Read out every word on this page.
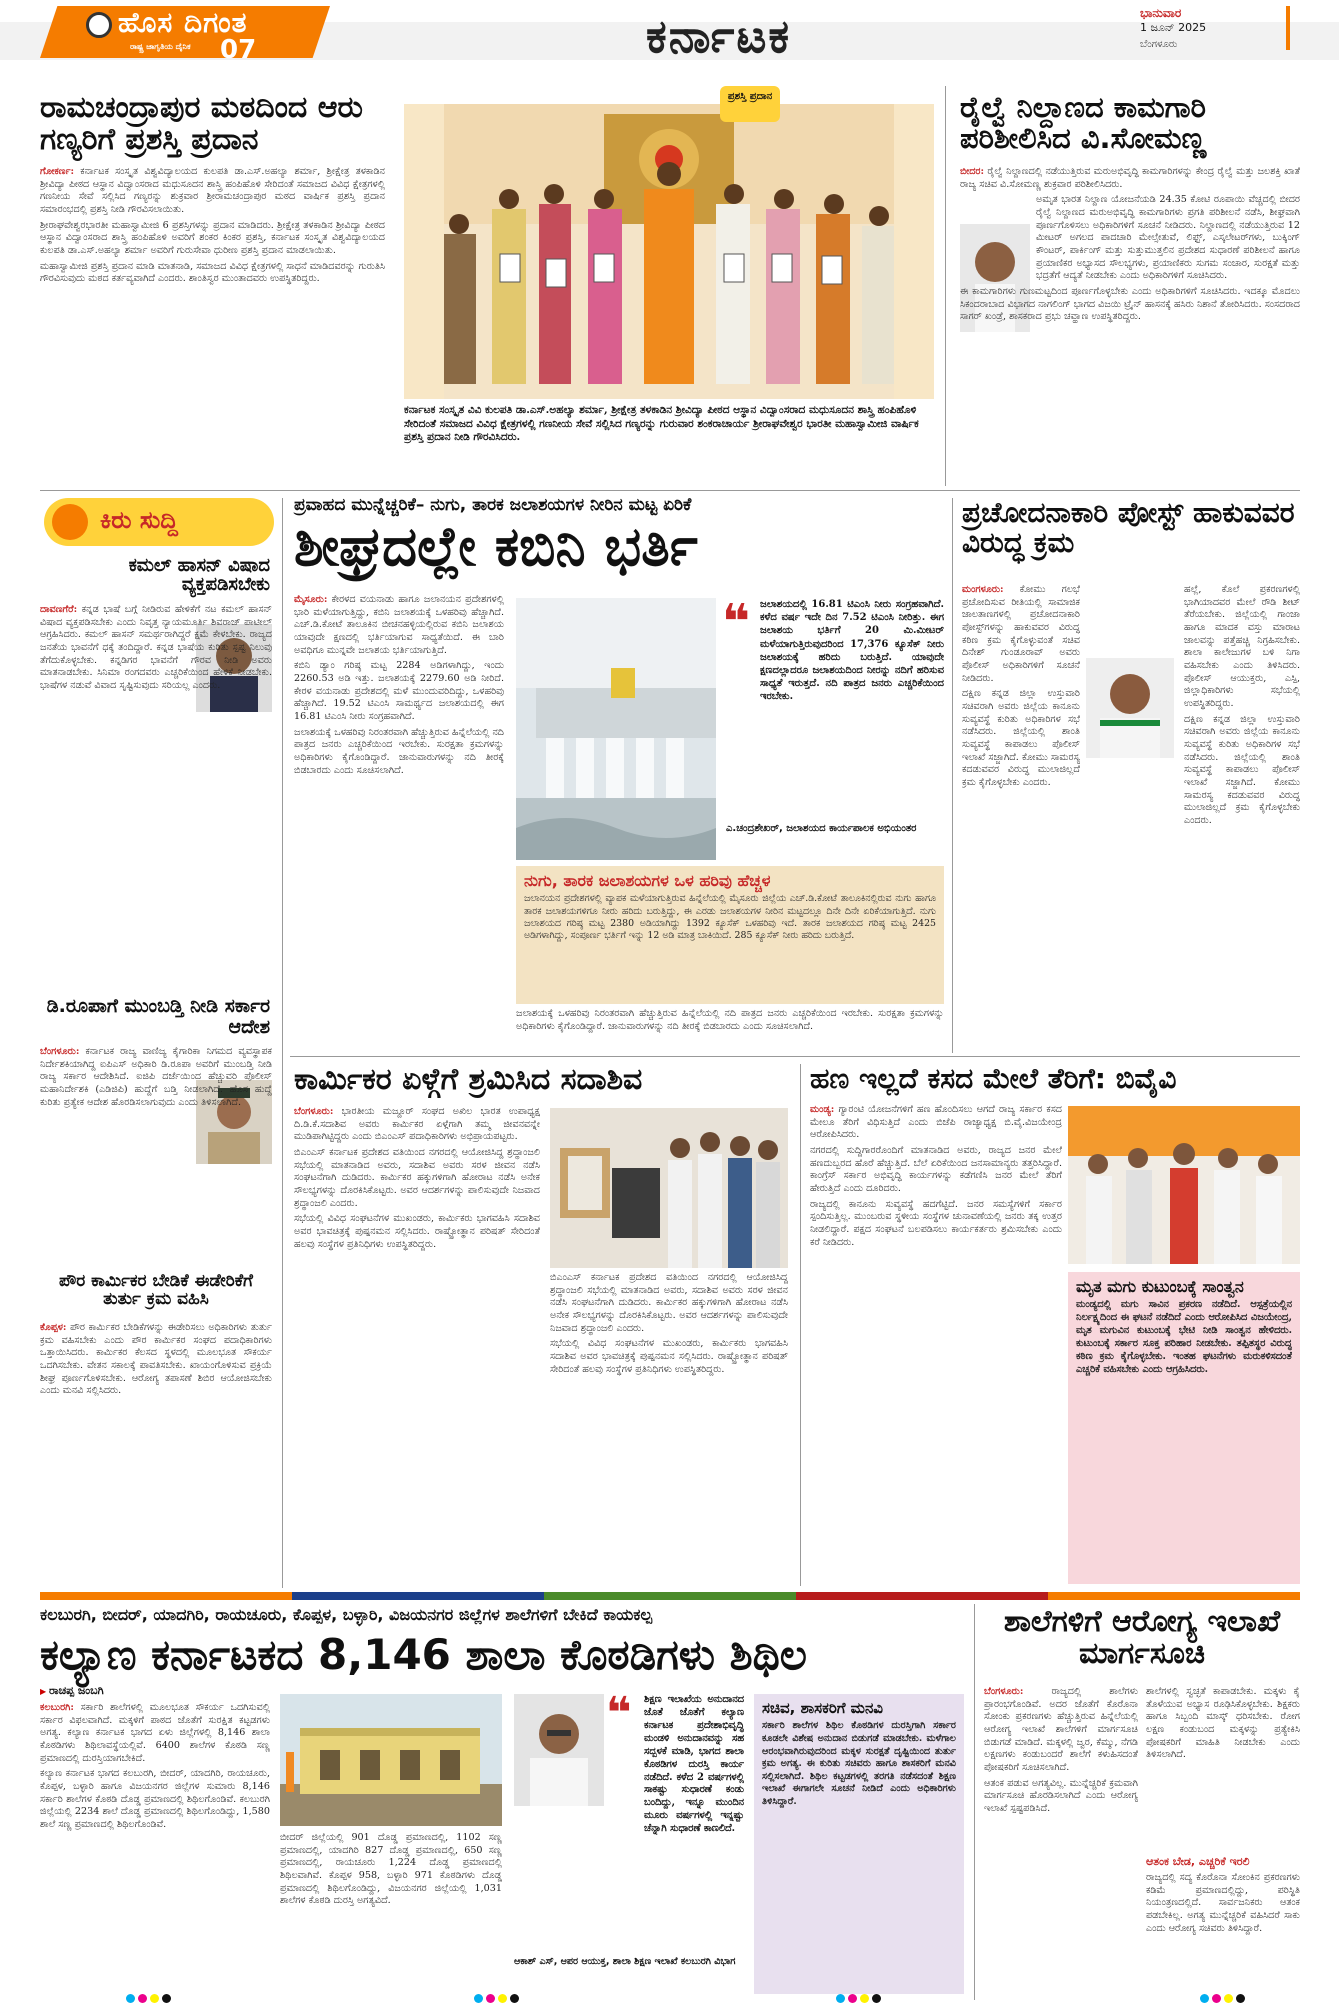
ಹೊಸ ದಿಗಂತ
ರಾಷ್ಟ್ರ ಜಾಗೃತಿಯ ದೈನಿಕ 07	ಕರ್ನಾಟಕ	ಭಾನುವಾರ
1 ಜೂನ್ 2025
ಬೆಂಗಳೂರು
ರಾಮಚಂದ್ರಾಪುರ ಮಠದಿಂದ ಆರು ಗಣ್ಯರಿಗೆ ಪ್ರಶಸ್ತಿ ಪ್ರದಾನ

ಗೋಕರ್ಣ: ಕರ್ನಾಟಕ ಸಂಸ್ಕೃತ ವಿಶ್ವವಿದ್ಯಾಲಯದ ಕುಲಪತಿ ಡಾ.ಎಸ್.ಅಹಲ್ಯಾ ಶರ್ಮಾ, ಶ್ರೀಕ್ಷೇತ್ರ ತಳಕಾಡಿನ ಶ್ರೀವಿದ್ಯಾ ಪೀಠದ ಆಸ್ಥಾನ ವಿದ್ವಾಂಸರಾದ ಮಧುಸೂದನ ಶಾಸ್ತ್ರಿ ಹಂಪಿಹೊಳಿ ಸೇರಿದಂತೆ ಸಮಾಜದ ವಿವಿಧ ಕ್ಷೇತ್ರಗಳಲ್ಲಿ ಗಣನೀಯ ಸೇವೆ ಸಲ್ಲಿಸಿದ ಗಣ್ಯರನ್ನು ಶುಕ್ರವಾರ ಶ್ರೀರಾಮಚಂದ್ರಾಪುರ ಮಠದ ವಾರ್ಷಿಕ ಪ್ರಶಸ್ತಿ ಪ್ರದಾನ ಸಮಾರಂಭದಲ್ಲಿ ಪ್ರಶಸ್ತಿ ನೀಡಿ ಗೌರವಿಸಲಾಯಿತು.

ಶ್ರೀರಾಘವೇಶ್ವರಭಾರತೀ ಮಹಾಸ್ವಾಮೀಜಿ 6 ಪ್ರಶಸ್ತಿಗಳನ್ನು ಪ್ರದಾನ ಮಾಡಿದರು. ಶ್ರೀಕ್ಷೇತ್ರ ತಳಕಾಡಿನ ಶ್ರೀವಿದ್ಯಾ ಪೀಠದ ಆಸ್ಥಾನ ವಿದ್ವಾಂಸರಾದ ಶಾಸ್ತ್ರಿ ಹಂಪಿಹೊಳಿ ಅವರಿಗೆ ಶಂಕರ ಕಿಂಕರ ಪ್ರಶಸ್ತಿ, ಕರ್ನಾಟಕ ಸಂಸ್ಕೃತ ವಿಶ್ವವಿದ್ಯಾಲಯದ ಕುಲಪತಿ ಡಾ.ಎಸ್.ಅಹಲ್ಯಾ ಶರ್ಮಾ ಅವರಿಗೆ ಗುರುಸೇವಾ ಧುರೀಣ ಪ್ರಶಸ್ತಿ ಪ್ರದಾನ ಮಾಡಲಾಯಿತು.

ಮಹಾಸ್ವಾಮೀಜಿ ಪ್ರಶಸ್ತಿ ಪ್ರದಾನ ಮಾಡಿ ಮಾತನಾಡಿ, ಸಮಾಜದ ವಿವಿಧ ಕ್ಷೇತ್ರಗಳಲ್ಲಿ ಸಾಧನೆ ಮಾಡಿದವರನ್ನು ಗುರುತಿಸಿ ಗೌರವಿಸುವುದು ಮಠದ ಕರ್ತವ್ಯವಾಗಿದೆ ಎಂದರು. ಶಾಂತಿಸ್ವರ ಮುಂತಾದವರು ಉಪಸ್ಥಿತರಿದ್ದರು.

ಪ್ರಶಸ್ತಿ ಪ್ರದಾನ
ಕರ್ನಾಟಕ ಸಂಸ್ಕೃತ ವಿವಿ ಕುಲಪತಿ ಡಾ.ಎಸ್.ಅಹಲ್ಯಾ ಶರ್ಮಾ, ಶ್ರೀಕ್ಷೇತ್ರ ತಳಕಾಡಿನ ಶ್ರೀವಿದ್ಯಾ ಪೀಠದ ಆಸ್ಥಾನ ವಿದ್ವಾಂಸರಾದ ಮಧುಸೂದನ ಶಾಸ್ತ್ರಿ ಹಂಪಿಹೊಳಿ ಸೇರಿದಂತೆ ಸಮಾಜದ ವಿವಿಧ ಕ್ಷೇತ್ರಗಳಲ್ಲಿ ಗಣನೀಯ ಸೇವೆ ಸಲ್ಲಿಸಿದ ಗಣ್ಯರನ್ನು ಗುರುವಾರ ಶಂಕರಾಚಾರ್ಯ ಶ್ರೀರಾಘವೇಶ್ವರ ಭಾರತೀ ಮಹಾಸ್ವಾಮೀಜಿ ವಾರ್ಷಿಕ ಪ್ರಶಸ್ತಿ ಪ್ರದಾನ ನೀಡಿ ಗೌರವಿಸಿದರು.
ರೈಲ್ವೆ ನಿಲ್ದಾಣದ ಕಾಮಗಾರಿ ಪರಿಶೀಲಿಸಿದ ವಿ.ಸೋಮಣ್ಣ

ಬೀದರ: ರೈಲ್ವೆ ನಿಲ್ದಾಣದಲ್ಲಿ ನಡೆಯುತ್ತಿರುವ ಮರುಅಭಿವೃದ್ಧಿ ಕಾಮಗಾರಿಗಳನ್ನು ಕೇಂದ್ರ ರೈಲ್ವೆ ಮತ್ತು ಜಲಶಕ್ತಿ ಖಾತೆ ರಾಜ್ಯ ಸಚಿವ ವಿ.ಸೋಮಣ್ಣ ಶುಕ್ರವಾರ ಪರಿಶೀಲಿಸಿದರು.

ಅಮೃತ ಭಾರತ ನಿಲ್ದಾಣ ಯೋಜನೆಯಡಿ 24.35 ಕೋಟಿ ರೂಪಾಯಿ ವೆಚ್ಚದಲ್ಲಿ ಬೀದರ ರೈಲ್ವೆ ನಿಲ್ದಾಣದ ಮರುಅಭಿವೃದ್ಧಿ ಕಾಮಗಾರಿಗಳು ಪ್ರಗತಿ ಪರಿಶೀಲನೆ ನಡೆಸಿ, ಶೀಘ್ರವಾಗಿ ಪೂರ್ಣಗೊಳಿಸಲು ಅಧಿಕಾರಿಗಳಿಗೆ ಸೂಚನೆ ನೀಡಿದರು. ನಿಲ್ದಾಣದಲ್ಲಿ ನಡೆಯುತ್ತಿರುವ 12 ಮೀಟರ್ ಅಗಲದ ಪಾದಚಾರಿ ಮೇಲ್ಸೇತುವೆ, ಲಿಫ್ಟ್, ಎಸ್ಕಲೇಟರ್‌ಗಳು, ಬುಕ್ಕಿಂಗ್ ಕೌಂಟರ್, ಪಾರ್ಕಿಂಗ್ ಮತ್ತು ಸುತ್ತುಮುತ್ತಲಿನ ಪ್ರದೇಶದ ಸುಧಾರಣೆ ಪರಿಶೀಲನೆ ಹಾಗೂ ಪ್ರಯಾಣಿಕರ ಅಭ್ಯಾಸದ ಸೌಲಭ್ಯಗಳು, ಪ್ರಯಾಣಿಕರು ಸುಗಮ ಸಂಚಾರ, ಸುರಕ್ಷತೆ ಮತ್ತು ಭದ್ರತೆಗೆ ಆದ್ಯತೆ ನೀಡಬೇಕು ಎಂದು ಅಧಿಕಾರಿಗಳಿಗೆ ಸೂಚಿಸಿದರು.

ಈ ಕಾಮಗಾರಿಗಳು ಗುಣಮಟ್ಟದಿಂದ ಪೂರ್ಣಗೊಳ್ಳಬೇಕು ಎಂದು ಅಧಿಕಾರಿಗಳಿಗೆ ಸೂಚಿಸಿದರು. ಇದಕ್ಕೂ ಮೊದಲು ಸಿಕಂದರಾಬಾದ ವಿಭಾಗದ ನಾಗಲಿಂಗ್ ಭಾಗದ ವಿಜಯಿ ಟ್ರೈನ್ ಹಾಸನಕ್ಕೆ ಹಸಿರು ನಿಶಾನೆ ತೋರಿಸಿದರು. ಸಂಸದರಾದ ಸಾಗರ್ ಖಂಡ್ರೆ, ಶಾಸಕರಾದ ಪ್ರಭು ಚವ್ಹಾಣ ಉಪಸ್ಥಿತರಿದ್ದರು.

ಕಿರು ಸುದ್ದಿ
ಕಮಲ್ ಹಾಸನ್ ವಿಷಾದ ವ್ಯಕ್ತಪಡಿಸಬೇಕು

ದಾವಣಗೆರೆ: ಕನ್ನಡ ಭಾಷೆ ಬಗ್ಗೆ ನೀಡಿರುವ ಹೇಳಿಕೆಗೆ ನಟ ಕಮಲ್ ಹಾಸನ್ ವಿಷಾದ ವ್ಯಕ್ತಪಡಿಸಬೇಕು ಎಂದು ನಿವೃತ್ತ ನ್ಯಾಯಮೂರ್ತಿ ಶಿವರಾಜ್ ಪಾಟೀಲ್ ಆಗ್ರಹಿಸಿದರು. ಕಮಲ್ ಹಾಸನ್ ಸಮರ್ಥರಾಗಿದ್ದರೆ ಕ್ಷಮೆ ಕೇಳಬೇಕು. ರಾಜ್ಯದ ಜನತೆಯ ಭಾವನೆಗೆ ಧಕ್ಕೆ ತಂದಿದ್ದಾರೆ. ಕನ್ನಡ ಭಾಷೆಯ ಕುರಿತು ಸ್ಪಷ್ಟ ನಿಲುವು ತೆಗೆದುಕೊಳ್ಳಬೇಕು. ಕನ್ನಡಿಗರ ಭಾವನೆಗೆ ಗೌರವ ನೀಡಿ ಅವರು ಮಾತನಾಡಬೇಕು. ಸಿನಿಮಾ ರಂಗದವರು ಎಚ್ಚರಿಕೆಯಿಂದ ಹೇಳಿಕೆ ನೀಡಬೇಕು. ಭಾಷೆಗಳ ನಡುವೆ ವಿವಾದ ಸೃಷ್ಟಿಸುವುದು ಸರಿಯಲ್ಲ ಎಂದರು.

ಡಿ.ರೂಪಾಗೆ ಮುಂಬಡ್ತಿ ನೀಡಿ ಸರ್ಕಾರ ಆದೇಶ

ಬೆಂಗಳೂರು: ಕರ್ನಾಟಕ ರಾಜ್ಯ ವಾಣಿಜ್ಯ ಕೈಗಾರಿಕಾ ನಿಗಮದ ವ್ಯವಸ್ಥಾಪಕ ನಿರ್ದೇಶಕಿಯಾಗಿದ್ದ ಐಪಿಎಸ್ ಅಧಿಕಾರಿ ಡಿ.ರೂಪಾ ಅವರಿಗೆ ಮುಂಬಡ್ತಿ ನೀಡಿ ರಾಜ್ಯ ಸರ್ಕಾರ ಆದೇಶಿಸಿದೆ. ಐಜಿಪಿ ದರ್ಜೆಯಿಂದ ಹೆಚ್ಚುವರಿ ಪೊಲೀಸ್ ಮಹಾನಿರ್ದೇಶಕಿ (ಎಡಿಜಿಪಿ) ಹುದ್ದೆಗೆ ಬಡ್ತಿ ನೀಡಲಾಗಿದೆ. ಹೊಸ ಹುದ್ದೆ ಕುರಿತು ಪ್ರತ್ಯೇಕ ಆದೇಶ ಹೊರಡಿಸಲಾಗುವುದು ಎಂದು ತಿಳಿಸಲಾಗಿದೆ.

ಪೌರ ಕಾರ್ಮಿಕರ ಬೇಡಿಕೆ ಈಡೇರಿಕೆಗೆ ತುರ್ತು ಕ್ರಮ ವಹಿಸಿ

ಕೊಪ್ಪಳ: ಪೌರ ಕಾರ್ಮಿಕರ ಬೇಡಿಕೆಗಳನ್ನು ಈಡೇರಿಸಲು ಅಧಿಕಾರಿಗಳು ತುರ್ತು ಕ್ರಮ ವಹಿಸಬೇಕು ಎಂದು ಪೌರ ಕಾರ್ಮಿಕರ ಸಂಘದ ಪದಾಧಿಕಾರಿಗಳು ಒತ್ತಾಯಿಸಿದರು. ಕಾರ್ಮಿಕರ ಕೆಲಸದ ಸ್ಥಳದಲ್ಲಿ ಮೂಲಭೂತ ಸೌಕರ್ಯ ಒದಗಿಸಬೇಕು. ವೇತನ ಸಕಾಲಕ್ಕೆ ಪಾವತಿಸಬೇಕು. ಖಾಯಂಗೊಳಿಸುವ ಪ್ರಕ್ರಿಯೆ ಶೀಘ್ರ ಪೂರ್ಣಗೊಳಿಸಬೇಕು. ಆರೋಗ್ಯ ತಪಾಸಣೆ ಶಿಬಿರ ಆಯೋಜಿಸಬೇಕು ಎಂದು ಮನವಿ ಸಲ್ಲಿಸಿದರು.

ಪ್ರವಾಹದ ಮುನ್ನೆಚ್ಚರಿಕೆ– ನುಗು, ತಾರಕ ಜಲಾಶಯಗಳ ನೀರಿನ ಮಟ್ಟ ಏರಿಕೆ
ಶೀಘ್ರದಲ್ಲೇ ಕಬಿನಿ ಭರ್ತಿ

ಮೈಸೂರು: ಕೇರಳದ ವಯನಾಡು ಹಾಗೂ ಜಲಾನಯನ ಪ್ರದೇಶಗಳಲ್ಲಿ ಭಾರಿ ಮಳೆಯಾಗುತ್ತಿದ್ದು, ಕಬಿನಿ ಜಲಾಶಯಕ್ಕೆ ಒಳಹರಿವು ಹೆಚ್ಚಾಗಿದೆ. ಎಚ್.ಡಿ.ಕೋಟೆ ತಾಲೂಕಿನ ಬೀಚನಹಳ್ಳಿಯಲ್ಲಿರುವ ಕಬಿನಿ ಜಲಾಶಯ ಯಾವುದೇ ಕ್ಷಣದಲ್ಲಿ ಭರ್ತಿಯಾಗುವ ಸಾಧ್ಯತೆಯಿದೆ. ಈ ಬಾರಿ ಅವಧಿಗೂ ಮುನ್ನವೇ ಜಲಾಶಯ ಭರ್ತಿಯಾಗುತ್ತಿದೆ.

ಕಬಿನಿ ಡ್ಯಾಂ ಗರಿಷ್ಠ ಮಟ್ಟ 2284 ಅಡಿಗಳಾಗಿದ್ದು, ಇಂದು 2260.53 ಅಡಿ ಇತ್ತು. ಜಲಾಶಯಕ್ಕೆ 2279.60 ಅಡಿ ನೀರಿದೆ. ಕೇರಳ ವಯನಾಡು ಪ್ರದೇಶದಲ್ಲಿ ಮಳೆ ಮುಂದುವರಿದಿದ್ದು, ಒಳಹರಿವು ಹೆಚ್ಚಾಗಿದೆ. 19.52 ಟಿಎಂಸಿ ಸಾಮರ್ಥ್ಯದ ಜಲಾಶಯದಲ್ಲಿ ಈಗ 16.81 ಟಿಎಂಸಿ ನೀರು ಸಂಗ್ರಹವಾಗಿದೆ.

ಜಲಾಶಯಕ್ಕೆ ಒಳಹರಿವು ನಿರಂತರವಾಗಿ ಹೆಚ್ಚುತ್ತಿರುವ ಹಿನ್ನೆಲೆಯಲ್ಲಿ ನದಿ ಪಾತ್ರದ ಜನರು ಎಚ್ಚರಿಕೆಯಿಂದ ಇರಬೇಕು. ಸುರಕ್ಷತಾ ಕ್ರಮಗಳನ್ನು ಅಧಿಕಾರಿಗಳು ಕೈಗೊಂಡಿದ್ದಾರೆ. ಜಾನುವಾರುಗಳನ್ನು ನದಿ ತೀರಕ್ಕೆ ಬಿಡಬಾರದು ಎಂದು ಸೂಚಿಸಲಾಗಿದೆ.

❝ ಜಲಾಶಯದಲ್ಲಿ 16.81 ಟಿಎಂಸಿ ನೀರು ಸಂಗ್ರಹವಾಗಿದೆ. ಕಳೆದ ವರ್ಷ ಇದೇ ದಿನ 7.52 ಟಿಎಂಸಿ ನೀರಿತ್ತು. ಈಗ ಜಲಾಶಯ ಭರ್ತಿಗೆ 20 ಮಿ.ಮೀಟರ್ ಮಳೆಯಾಗುತ್ತಿರುವುದರಿಂದ 17,376 ಕ್ಯೂಸೆಕ್ ನೀರು ಜಲಾಶಯಕ್ಕೆ ಹರಿದು ಬರುತ್ತಿದೆ. ಯಾವುದೇ ಕ್ಷಣದಲ್ಲಾದರೂ ಜಲಾಶಯದಿಂದ ನೀರನ್ನು ನದಿಗೆ ಹರಿಸುವ ಸಾಧ್ಯತೆ ಇರುತ್ತದೆ. ನದಿ ಪಾತ್ರದ ಜನರು ಎಚ್ಚರಿಕೆಯಿಂದ ಇರಬೇಕು.

ಎ.ಚಂದ್ರಶೇಖರ್, ಜಲಾಶಯದ ಕಾರ್ಯಪಾಲಕ ಅಭಿಯಂತರ
ನುಗು, ತಾರಕ ಜಲಾಶಯಗಳ ಒಳ ಹರಿವು ಹೆಚ್ಚಳ
ಜಲಾನಯನ ಪ್ರದೇಶಗಳಲ್ಲಿ ವ್ಯಾಪಕ ಮಳೆಯಾಗುತ್ತಿರುವ ಹಿನ್ನೆಲೆಯಲ್ಲಿ ಮೈಸೂರು ಜಿಲ್ಲೆಯ ಎಚ್.ಡಿ.ಕೋಟೆ ತಾಲೂಕಿನಲ್ಲಿರುವ ನುಗು ಹಾಗೂ ತಾರಕ ಜಲಾಶಯಗಳಿಗೂ ನೀರು ಹರಿದು ಬರುತ್ತಿದ್ದು, ಈ ಎರಡು ಜಲಾಶಯಗಳ ನೀರಿನ ಮಟ್ಟದಲ್ಲೂ ದಿನೇ ದಿನೇ ಏರಿಕೆಯಾಗುತ್ತಿದೆ. ನುಗು ಜಲಾಶಯದ ಗರಿಷ್ಠ ಮಟ್ಟ 2380 ಅಡಿಯಾಗಿದ್ದು 1392 ಕ್ಯೂಸೆಕ್ ಒಳಹರಿವು ಇದೆ. ತಾರಕ ಜಲಾಶಯದ ಗರಿಷ್ಠ ಮಟ್ಟ 2425 ಅಡಿಗಳಾಗಿದ್ದು, ಸಂಪೂರ್ಣ ಭರ್ತಿಗೆ ಇನ್ನು 12 ಅಡಿ ಮಾತ್ರ ಬಾಕಿಯಿದೆ. 285 ಕ್ಯೂಸೆಕ್ ನೀರು ಹರಿದು ಬರುತ್ತಿದೆ.

ಜಲಾಶಯಕ್ಕೆ ಒಳಹರಿವು ನಿರಂತರವಾಗಿ ಹೆಚ್ಚುತ್ತಿರುವ ಹಿನ್ನೆಲೆಯಲ್ಲಿ ನದಿ ಪಾತ್ರದ ಜನರು ಎಚ್ಚರಿಕೆಯಿಂದ ಇರಬೇಕು. ಸುರಕ್ಷತಾ ಕ್ರಮಗಳನ್ನು ಅಧಿಕಾರಿಗಳು ಕೈಗೊಂಡಿದ್ದಾರೆ. ಜಾನುವಾರುಗಳನ್ನು ನದಿ ತೀರಕ್ಕೆ ಬಿಡಬಾರದು ಎಂದು ಸೂಚಿಸಲಾಗಿದೆ.

ಪ್ರಚೋದನಾಕಾರಿ ಪೋಸ್ಟ್ ಹಾಕುವವರ ವಿರುದ್ಧ ಕ್ರಮ

ಮಂಗಳೂರು: ಕೋಮು ಗಲಭೆ ಪ್ರಚೋದಿಸುವ ರೀತಿಯಲ್ಲಿ ಸಾಮಾಜಿಕ ಜಾಲತಾಣಗಳಲ್ಲಿ ಪ್ರಚೋದನಾಕಾರಿ ಪೋಸ್ಟ್‌ಗಳನ್ನು ಹಾಕುವವರ ವಿರುದ್ಧ ಕಠಿಣ ಕ್ರಮ ಕೈಗೊಳ್ಳುವಂತೆ ಸಚಿವ ದಿನೇಶ್ ಗುಂಡೂರಾವ್ ಅವರು ಪೊಲೀಸ್ ಅಧಿಕಾರಿಗಳಿಗೆ ಸೂಚನೆ ನೀಡಿದರು.

ದಕ್ಷಿಣ ಕನ್ನಡ ಜಿಲ್ಲಾ ಉಸ್ತುವಾರಿ ಸಚಿವರಾಗಿ ಅವರು ಜಿಲ್ಲೆಯ ಕಾನೂನು ಸುವ್ಯವಸ್ಥೆ ಕುರಿತು ಅಧಿಕಾರಿಗಳ ಸಭೆ ನಡೆಸಿದರು. ಜಿಲ್ಲೆಯಲ್ಲಿ ಶಾಂತಿ ಸುವ್ಯವಸ್ಥೆ ಕಾಪಾಡಲು ಪೊಲೀಸ್ ಇಲಾಖೆ ಸಜ್ಜಾಗಿದೆ. ಕೋಮು ಸಾಮರಸ್ಯ ಕದಡುವವರ ವಿರುದ್ಧ ಮುಲಾಜಿಲ್ಲದೆ ಕ್ರಮ ಕೈಗೊಳ್ಳಬೇಕು ಎಂದರು.

ಹಲ್ಲೆ, ಕೊಲೆ ಪ್ರಕರಣಗಳಲ್ಲಿ ಭಾಗಿಯಾದವರ ಮೇಲೆ ರೌಡಿ ಶೀಟ್ ತೆರೆಯಬೇಕು. ಜಿಲ್ಲೆಯಲ್ಲಿ ಗಾಂಜಾ ಹಾಗೂ ಮಾದಕ ವಸ್ತು ಮಾರಾಟ ಜಾಲವನ್ನು ಪತ್ತೆಹಚ್ಚಿ ನಿಗ್ರಹಿಸಬೇಕು. ಶಾಲಾ ಕಾಲೇಜುಗಳ ಬಳಿ ನಿಗಾ ವಹಿಸಬೇಕು ಎಂದು ತಿಳಿಸಿದರು. ಪೊಲೀಸ್ ಆಯುಕ್ತರು, ಎಸ್ಪಿ, ಜಿಲ್ಲಾಧಿಕಾರಿಗಳು ಸಭೆಯಲ್ಲಿ ಉಪಸ್ಥಿತರಿದ್ದರು.

ದಕ್ಷಿಣ ಕನ್ನಡ ಜಿಲ್ಲಾ ಉಸ್ತುವಾರಿ ಸಚಿವರಾಗಿ ಅವರು ಜಿಲ್ಲೆಯ ಕಾನೂನು ಸುವ್ಯವಸ್ಥೆ ಕುರಿತು ಅಧಿಕಾರಿಗಳ ಸಭೆ ನಡೆಸಿದರು. ಜಿಲ್ಲೆಯಲ್ಲಿ ಶಾಂತಿ ಸುವ್ಯವಸ್ಥೆ ಕಾಪಾಡಲು ಪೊಲೀಸ್ ಇಲಾಖೆ ಸಜ್ಜಾಗಿದೆ. ಕೋಮು ಸಾಮರಸ್ಯ ಕದಡುವವರ ವಿರುದ್ಧ ಮುಲಾಜಿಲ್ಲದೆ ಕ್ರಮ ಕೈಗೊಳ್ಳಬೇಕು ಎಂದರು.

ಕಾರ್ಮಿಕರ ಏಳ್ಗೆಗೆ ಶ್ರಮಿಸಿದ ಸದಾಶಿವ

ಬೆಂಗಳೂರು: ಭಾರತೀಯ ಮಜ್ದೂರ್ ಸಂಘದ ಅಖಿಲ ಭಾರತ ಉಪಾಧ್ಯಕ್ಷ ದಿ.ಡಿ.ಕೆ.ಸದಾಶಿವ ಅವರು ಕಾರ್ಮಿಕರ ಏಳ್ಗೆಗಾಗಿ ತಮ್ಮ ಜೀವನವನ್ನೇ ಮುಡಿಪಾಗಿಟ್ಟಿದ್ದರು ಎಂದು ಬಿಎಂಎಸ್ ಪದಾಧಿಕಾರಿಗಳು ಅಭಿಪ್ರಾಯಪಟ್ಟರು.

ಬಿಎಂಎಸ್ ಕರ್ನಾಟಕ ಪ್ರದೇಶದ ವತಿಯಿಂದ ನಗರದಲ್ಲಿ ಆಯೋಜಿಸಿದ್ದ ಶ್ರದ್ಧಾಂಜಲಿ ಸಭೆಯಲ್ಲಿ ಮಾತನಾಡಿದ ಅವರು, ಸದಾಶಿವ ಅವರು ಸರಳ ಜೀವನ ನಡೆಸಿ ಸಂಘಟನೆಗಾಗಿ ದುಡಿದರು. ಕಾರ್ಮಿಕರ ಹಕ್ಕುಗಳಿಗಾಗಿ ಹೋರಾಟ ನಡೆಸಿ ಅನೇಕ ಸೌಲಭ್ಯಗಳನ್ನು ದೊರಕಿಸಿಕೊಟ್ಟರು. ಅವರ ಆದರ್ಶಗಳನ್ನು ಪಾಲಿಸುವುದೇ ನಿಜವಾದ ಶ್ರದ್ಧಾಂಜಲಿ ಎಂದರು.

ಸಭೆಯಲ್ಲಿ ವಿವಿಧ ಸಂಘಟನೆಗಳ ಮುಖಂಡರು, ಕಾರ್ಮಿಕರು ಭಾಗವಹಿಸಿ ಸದಾಶಿವ ಅವರ ಭಾವಚಿತ್ರಕ್ಕೆ ಪುಷ್ಪನಮನ ಸಲ್ಲಿಸಿದರು. ರಾಷ್ಟ್ರೋತ್ಥಾನ ಪರಿಷತ್ ಸೇರಿದಂತೆ ಹಲವು ಸಂಸ್ಥೆಗಳ ಪ್ರತಿನಿಧಿಗಳು ಉಪಸ್ಥಿತರಿದ್ದರು.

ಬಿಎಂಎಸ್ ಕರ್ನಾಟಕ ಪ್ರದೇಶದ ವತಿಯಿಂದ ನಗರದಲ್ಲಿ ಆಯೋಜಿಸಿದ್ದ ಶ್ರದ್ಧಾಂಜಲಿ ಸಭೆಯಲ್ಲಿ ಮಾತನಾಡಿದ ಅವರು, ಸದಾಶಿವ ಅವರು ಸರಳ ಜೀವನ ನಡೆಸಿ ಸಂಘಟನೆಗಾಗಿ ದುಡಿದರು. ಕಾರ್ಮಿಕರ ಹಕ್ಕುಗಳಿಗಾಗಿ ಹೋರಾಟ ನಡೆಸಿ ಅನೇಕ ಸೌಲಭ್ಯಗಳನ್ನು ದೊರಕಿಸಿಕೊಟ್ಟರು. ಅವರ ಆದರ್ಶಗಳನ್ನು ಪಾಲಿಸುವುದೇ ನಿಜವಾದ ಶ್ರದ್ಧಾಂಜಲಿ ಎಂದರು.

ಸಭೆಯಲ್ಲಿ ವಿವಿಧ ಸಂಘಟನೆಗಳ ಮುಖಂಡರು, ಕಾರ್ಮಿಕರು ಭಾಗವಹಿಸಿ ಸದಾಶಿವ ಅವರ ಭಾವಚಿತ್ರಕ್ಕೆ ಪುಷ್ಪನಮನ ಸಲ್ಲಿಸಿದರು. ರಾಷ್ಟ್ರೋತ್ಥಾನ ಪರಿಷತ್ ಸೇರಿದಂತೆ ಹಲವು ಸಂಸ್ಥೆಗಳ ಪ್ರತಿನಿಧಿಗಳು ಉಪಸ್ಥಿತರಿದ್ದರು.

ಹಣ ಇಲ್ಲದೆ ಕಸದ ಮೇಲೆ ತೆರಿಗೆ: ಬಿವೈವಿ

ಮಂಡ್ಯ: ಗ್ಯಾರಂಟಿ ಯೋಜನೆಗಳಿಗೆ ಹಣ ಹೊಂದಿಸಲು ಆಗದೆ ರಾಜ್ಯ ಸರ್ಕಾರ ಕಸದ ಮೇಲೂ ತೆರಿಗೆ ವಿಧಿಸುತ್ತಿದೆ ಎಂದು ಬಿಜೆಪಿ ರಾಜ್ಯಾಧ್ಯಕ್ಷ ಬಿ.ವೈ.ವಿಜಯೇಂದ್ರ ಆರೋಪಿಸಿದರು.

ನಗರದಲ್ಲಿ ಸುದ್ದಿಗಾರರೊಂದಿಗೆ ಮಾತನಾಡಿದ ಅವರು, ರಾಜ್ಯದ ಜನರ ಮೇಲೆ ಹಣದುಬ್ಬರದ ಹೊರೆ ಹೆಚ್ಚುತ್ತಿದೆ. ಬೆಲೆ ಏರಿಕೆಯಿಂದ ಜನಸಾಮಾನ್ಯರು ತತ್ತರಿಸಿದ್ದಾರೆ. ಕಾಂಗ್ರೆಸ್ ಸರ್ಕಾರ ಅಭಿವೃದ್ಧಿ ಕಾರ್ಯಗಳನ್ನು ಕಡೆಗಣಿಸಿ ಜನರ ಮೇಲೆ ತೆರಿಗೆ ಹೇರುತ್ತಿದೆ ಎಂದು ದೂರಿದರು.

ರಾಜ್ಯದಲ್ಲಿ ಕಾನೂನು ಸುವ್ಯವಸ್ಥೆ ಹದಗೆಟ್ಟಿದೆ. ಜನರ ಸಮಸ್ಯೆಗಳಿಗೆ ಸರ್ಕಾರ ಸ್ಪಂದಿಸುತ್ತಿಲ್ಲ. ಮುಂಬರುವ ಸ್ಥಳೀಯ ಸಂಸ್ಥೆಗಳ ಚುನಾವಣೆಯಲ್ಲಿ ಜನರು ತಕ್ಕ ಉತ್ತರ ನೀಡಲಿದ್ದಾರೆ. ಪಕ್ಷದ ಸಂಘಟನೆ ಬಲಪಡಿಸಲು ಕಾರ್ಯಕರ್ತರು ಶ್ರಮಿಸಬೇಕು ಎಂದು ಕರೆ ನೀಡಿದರು.

ಮೃತ ಮಗು ಕುಟುಂಬಕ್ಕೆ ಸಾಂತ್ವನ
ಮಂಡ್ಯದಲ್ಲಿ ಮಗು ಸಾವಿನ ಪ್ರಕರಣ ನಡೆದಿದೆ. ಆಸ್ಪತ್ರೆಯಲ್ಲಿನ ನಿರ್ಲಕ್ಷ್ಯದಿಂದ ಈ ಘಟನೆ ನಡೆದಿದೆ ಎಂದು ಆರೋಪಿಸಿದ ವಿಜಯೇಂದ್ರ, ಮೃತ ಮಗುವಿನ ಕುಟುಂಬಕ್ಕೆ ಭೇಟಿ ನೀಡಿ ಸಾಂತ್ವನ ಹೇಳಿದರು. ಕುಟುಂಬಕ್ಕೆ ಸರ್ಕಾರ ಸೂಕ್ತ ಪರಿಹಾರ ನೀಡಬೇಕು. ತಪ್ಪಿತಸ್ಥರ ವಿರುದ್ಧ ಕಠಿಣ ಕ್ರಮ ಕೈಗೊಳ್ಳಬೇಕು. ಇಂತಹ ಘಟನೆಗಳು ಮರುಕಳಿಸದಂತೆ ಎಚ್ಚರಿಕೆ ವಹಿಸಬೇಕು ಎಂದು ಆಗ್ರಹಿಸಿದರು.
ಕಲಬುರಗಿ, ಬೀದರ್, ಯಾದಗಿರಿ, ರಾಯಚೂರು, ಕೊಪ್ಪಳ, ಬಳ್ಳಾರಿ, ವಿಜಯನಗರ ಜಿಲ್ಲೆಗಳ ಶಾಲೆಗಳಿಗೆ ಬೇಕಿದೆ ಕಾಯಕಲ್ಪ
ಕಲ್ಯಾಣ ಕರ್ನಾಟಕದ 8,146 ಶಾಲಾ ಕೊಠಡಿಗಳು ಶಿಥಿಲ
▶ ರಾಚಪ್ಪ ಜಂಬಗಿ

ಕಲಬುರಗಿ: ಸರ್ಕಾರಿ ಶಾಲೆಗಳಲ್ಲಿ ಮೂಲಭೂತ ಸೌಕರ್ಯ ಒದಗಿಸುವಲ್ಲಿ ಸರ್ಕಾರ ವಿಫಲವಾಗಿದೆ. ಮಕ್ಕಳಿಗೆ ಪಾಠದ ಜೊತೆಗೆ ಸುರಕ್ಷಿತ ಕಟ್ಟಡಗಳು ಅಗತ್ಯ. ಕಲ್ಯಾಣ ಕರ್ನಾಟಕ ಭಾಗದ ಏಳು ಜಿಲ್ಲೆಗಳಲ್ಲಿ 8,146 ಶಾಲಾ ಕೊಠಡಿಗಳು ಶಿಥಿಲಾವಸ್ಥೆಯಲ್ಲಿವೆ. 6400 ಶಾಲೆಗಳ ಕೊಠಡಿ ಸಣ್ಣ ಪ್ರಮಾಣದಲ್ಲಿ ದುರಸ್ತಿಯಾಗಬೇಕಿದೆ.

ಕಲ್ಯಾಣ ಕರ್ನಾಟಕ ಭಾಗದ ಕಲಬುರಗಿ, ಬೀದರ್, ಯಾದಗಿರಿ, ರಾಯಚೂರು, ಕೊಪ್ಪಳ, ಬಳ್ಳಾರಿ ಹಾಗೂ ವಿಜಯನಗರ ಜಿಲ್ಲೆಗಳ ಸುಮಾರು 8,146 ಸರ್ಕಾರಿ ಶಾಲೆಗಳ ಕೊಠಡಿ ದೊಡ್ಡ ಪ್ರಮಾಣದಲ್ಲಿ ಶಿಥಿಲಗೊಂಡಿವೆ. ಕಲಬುರಗಿ ಜಿಲ್ಲೆಯಲ್ಲಿ 2234 ಶಾಲೆ ದೊಡ್ಡ ಪ್ರಮಾಣದಲ್ಲಿ ಶಿಥಿಲಗೊಂಡಿದ್ದು, 1,580 ಶಾಲೆ ಸಣ್ಣ ಪ್ರಮಾಣದಲ್ಲಿ ಶಿಥಿಲಗೊಂಡಿವೆ.

ಬೀದರ್ ಜಿಲ್ಲೆಯಲ್ಲಿ 901 ದೊಡ್ಡ ಪ್ರಮಾಣದಲ್ಲಿ, 1102 ಸಣ್ಣ ಪ್ರಮಾಣದಲ್ಲಿ, ಯಾದಗಿರಿ 827 ದೊಡ್ಡ ಪ್ರಮಾಣದಲ್ಲಿ, 650 ಸಣ್ಣ ಪ್ರಮಾಣದಲ್ಲಿ, ರಾಯಚೂರು 1,224 ದೊಡ್ಡ ಪ್ರಮಾಣದಲ್ಲಿ ಶಿಥಿಲವಾಗಿವೆ. ಕೊಪ್ಪಳ 958, ಬಳ್ಳಾರಿ 971 ಕೊಠಡಿಗಳು ದೊಡ್ಡ ಪ್ರಮಾಣದಲ್ಲಿ ಶಿಥಿಲಗೊಂಡಿದ್ದು, ವಿಜಯನಗರ ಜಿಲ್ಲೆಯಲ್ಲಿ 1,031 ಶಾಲೆಗಳ ಕೊಠಡಿ ದುರಸ್ತಿ ಅಗತ್ಯವಿದೆ.

❝ ಶಿಕ್ಷಣ ಇಲಾಖೆಯ ಅನುದಾನದ ಜೊತೆ ಜೊತೆಗೆ ಕಲ್ಯಾಣ ಕರ್ನಾಟಕ ಪ್ರದೇಶಾಭಿವೃದ್ಧಿ ಮಂಡಳಿ ಅನುದಾನವನ್ನು ಸಹ ಸದ್ಬಳಕೆ ಮಾಡಿ, ಭಾಗದ ಶಾಲಾ ಕೊಠಡಿಗಳ ದುರಸ್ತಿ ಕಾರ್ಯ ನಡೆದಿದೆ. ಕಳೆದ 2 ವರ್ಷಗಳಲ್ಲಿ ಸಾಕಷ್ಟು ಸುಧಾರಣೆ ಕಂಡು ಬಂದಿದ್ದು, ಇನ್ನೂ ಮುಂದಿನ ಮೂರು ವರ್ಷಗಳಲ್ಲಿ ಇನ್ನಷ್ಟು ಚೆನ್ನಾಗಿ ಸುಧಾರಣೆ ಕಾಣಲಿದೆ.

ಆಕಾಶ್ ಎಸ್, ಆಪರ ಆಯುಕ್ತ, ಶಾಲಾ ಶಿಕ್ಷಣ ಇಲಾಖೆ ಕಲಬುರಗಿ ವಿಭಾಗ
ಸಚಿವ, ಶಾಸಕರಿಗೆ ಮನವಿ
ಸರ್ಕಾರಿ ಶಾಲೆಗಳ ಶಿಥಿಲ ಕೊಠಡಿಗಳ ದುರಸ್ತಿಗಾಗಿ ಸರ್ಕಾರ ಕೂಡಲೇ ವಿಶೇಷ ಅನುದಾನ ಬಿಡುಗಡೆ ಮಾಡಬೇಕು. ಮಳೆಗಾಲ ಆರಂಭವಾಗಿರುವುದರಿಂದ ಮಕ್ಕಳ ಸುರಕ್ಷತೆ ದೃಷ್ಟಿಯಿಂದ ತುರ್ತು ಕ್ರಮ ಅಗತ್ಯ. ಈ ಕುರಿತು ಸಚಿವರು ಹಾಗೂ ಶಾಸಕರಿಗೆ ಮನವಿ ಸಲ್ಲಿಸಲಾಗಿದೆ. ಶಿಥಿಲ ಕಟ್ಟಡಗಳಲ್ಲಿ ತರಗತಿ ನಡೆಸದಂತೆ ಶಿಕ್ಷಣ ಇಲಾಖೆ ಈಗಾಗಲೇ ಸೂಚನೆ ನೀಡಿದೆ ಎಂದು ಅಧಿಕಾರಿಗಳು ತಿಳಿಸಿದ್ದಾರೆ.
ಶಾಲೆಗಳಿಗೆ ಆರೋಗ್ಯ ಇಲಾಖೆ ಮಾರ್ಗಸೂಚಿ

ಬೆಂಗಳೂರು:	ರಾಜ್ಯದಲ್ಲಿ ಶಾಲೆಗಳು ಪ್ರಾರಂಭಗೊಂಡಿವೆ. ಅದರ ಜೊತೆಗೆ ಕೊರೊನಾ ಸೋಂಕು ಪ್ರಕರಣಗಳು ಹೆಚ್ಚುತ್ತಿರುವ ಹಿನ್ನೆಲೆಯಲ್ಲಿ ಆರೋಗ್ಯ ಇಲಾಖೆ ಶಾಲೆಗಳಿಗೆ ಮಾರ್ಗಸೂಚಿ ಬಿಡುಗಡೆ ಮಾಡಿದೆ. ಮಕ್ಕಳಲ್ಲಿ ಜ್ವರ, ಕೆಮ್ಮು, ನೆಗಡಿ ಲಕ್ಷಣಗಳು ಕಂಡುಬಂದರೆ ಶಾಲೆಗೆ ಕಳುಹಿಸದಂತೆ ಪೋಷಕರಿಗೆ ಸೂಚಿಸಲಾಗಿದೆ.

ಆತಂಕ ಪಡುವ ಅಗತ್ಯವಿಲ್ಲ. ಮುನ್ನೆಚ್ಚರಿಕೆ ಕ್ರಮವಾಗಿ ಮಾರ್ಗಸೂಚಿ ಹೊರಡಿಸಲಾಗಿದೆ ಎಂದು ಆರೋಗ್ಯ ಇಲಾಖೆ ಸ್ಪಷ್ಟಪಡಿಸಿದೆ.

ಶಾಲೆಗಳಲ್ಲಿ ಸ್ವಚ್ಛತೆ ಕಾಪಾಡಬೇಕು. ಮಕ್ಕಳು ಕೈ ತೊಳೆಯುವ ಅಭ್ಯಾಸ ರೂಢಿಸಿಕೊಳ್ಳಬೇಕು. ಶಿಕ್ಷಕರು ಹಾಗೂ ಸಿಬ್ಬಂದಿ ಮಾಸ್ಕ್ ಧರಿಸಬೇಕು. ರೋಗ ಲಕ್ಷಣ ಕಂಡುಬಂದ ಮಕ್ಕಳನ್ನು ಪ್ರತ್ಯೇಕಿಸಿ ಪೋಷಕರಿಗೆ ಮಾಹಿತಿ ನೀಡಬೇಕು ಎಂದು ತಿಳಿಸಲಾಗಿದೆ.

ಆತಂಕ ಬೇಡ, ಎಚ್ಚರಿಕೆ ಇರಲಿ
ರಾಜ್ಯದಲ್ಲಿ ಸದ್ಯ ಕೊರೊನಾ ಸೋಂಕಿನ ಪ್ರಕರಣಗಳು ಕಡಿಮೆ ಪ್ರಮಾಣದಲ್ಲಿದ್ದು, ಪರಿಸ್ಥಿತಿ ನಿಯಂತ್ರಣದಲ್ಲಿದೆ. ಸಾರ್ವಜನಿಕರು ಆತಂಕ ಪಡಬೇಕಿಲ್ಲ. ಅಗತ್ಯ ಮುನ್ನೆಚ್ಚರಿಕೆ ವಹಿಸಿದರೆ ಸಾಕು ಎಂದು ಆರೋಗ್ಯ ಸಚಿವರು ತಿಳಿಸಿದ್ದಾರೆ.
